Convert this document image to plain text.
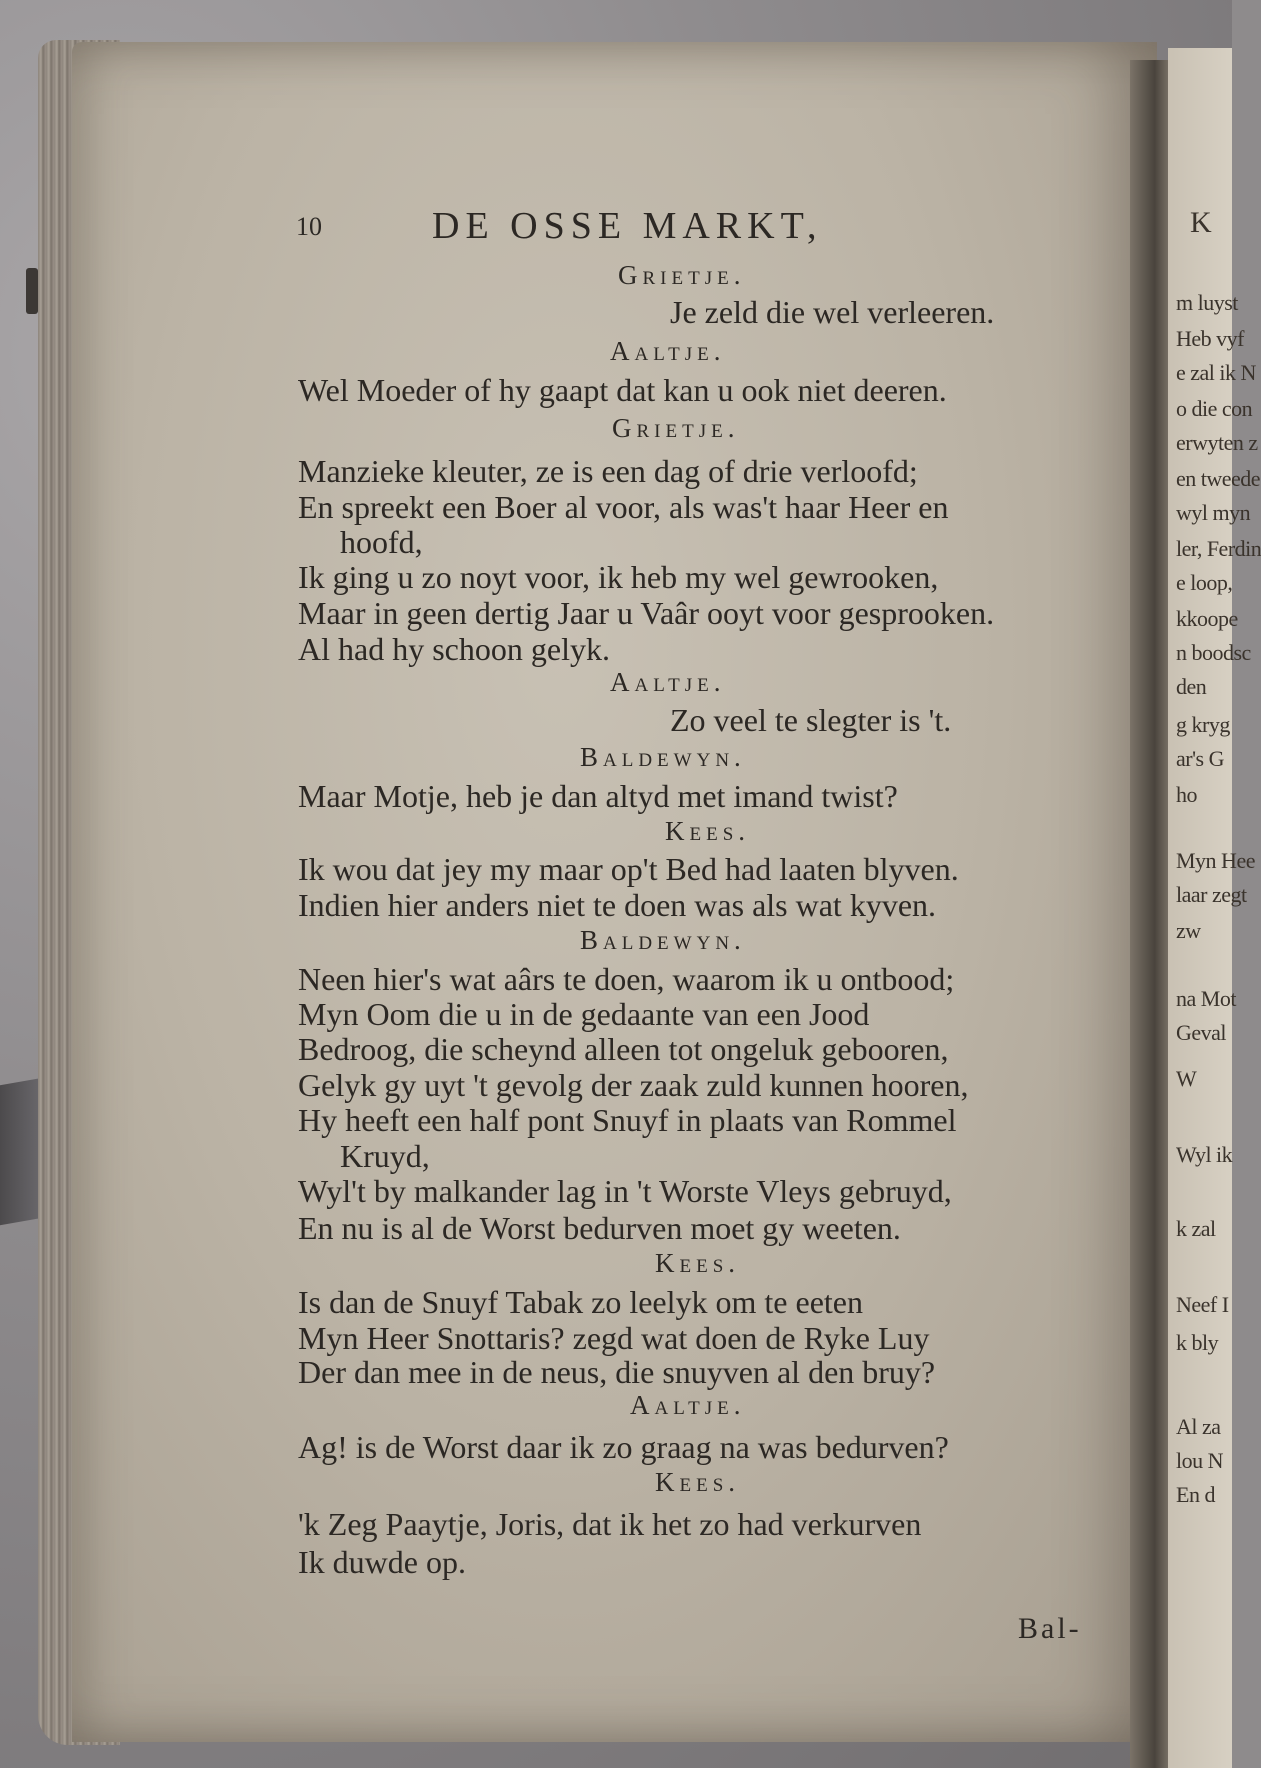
K
m luyst
Heb vyf
e zal ik N
o die con
erwyten z
en tweede
wyl myn
ler, Ferdin
e loop,
kkoope
n boodsc
den
g kryg
ar's G
ho
Myn Hee
laar zegt
zw
na Mot
Geval
W
Wyl ik
k zal
Neef I
k bly
Al za
lou N
En d
10	DE OSSE MARKT,
Grietje.
Je zeld die wel verleeren.
Aaltje.
Wel Moeder of hy gaapt dat kan u ook niet deeren.
Grietje.
Manzieke kleuter, ze is een dag of drie verloofd;
En spreekt een Boer al voor, als was't haar Heer en
hoofd,
Ik ging u zo noyt voor, ik heb my wel gewrooken,
Maar in geen dertig Jaar u Vaâr ooyt voor gesprooken.
Al had hy schoon gelyk.
Aaltje.
Zo veel te slegter is 't.
Baldewyn.
Maar Motje, heb je dan altyd met imand twist?
Kees.
Ik wou dat jey my maar op't Bed had laaten blyven.
Indien hier anders niet te doen was als wat kyven.
Baldewyn.
Neen hier's wat aârs te doen, waarom ik u ontbood;
Myn Oom die u in de gedaante van een Jood
Bedroog, die scheynd alleen tot ongeluk gebooren,
Gelyk gy uyt 't gevolg der zaak zuld kunnen hooren,
Hy heeft een half pont Snuyf in plaats van Rommel
Kruyd,
Wyl't by malkander lag in 't Worste Vleys gebruyd,
En nu is al de Worst bedurven moet gy weeten.
Kees.
Is dan de Snuyf Tabak zo leelyk om te eeten
Myn Heer Snottaris? zegd wat doen de Ryke Luy
Der dan mee in de neus, die snuyven al den bruy?
Aaltje.
Ag! is de Worst daar ik zo graag na was bedurven?
Kees.
'k Zeg Paaytje, Joris, dat ik het zo had verkurven
Ik duwde op.
Bal-
